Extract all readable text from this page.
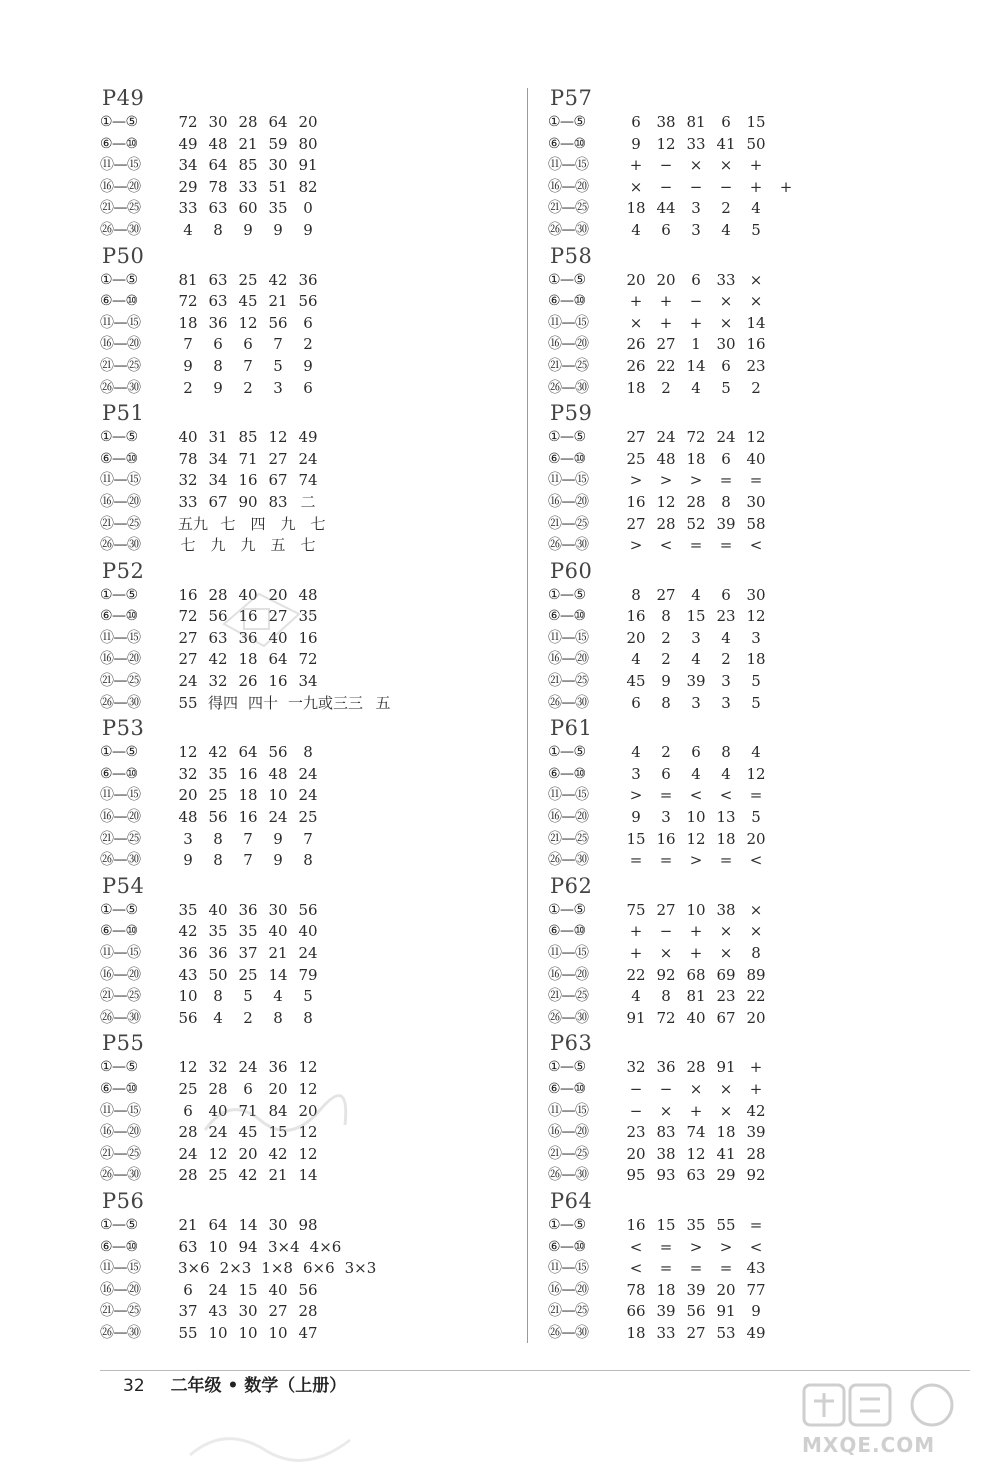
P49
①—⑤	72 30 28 64 20
⑥—⑩	49 48 21 59 80
⑪—⑮	34 64 85 30 91
⑯—⑳	29 78 33 51 82
㉑—㉕	33 63 60 35 0
㉖—㉚	4 8 9 9 9
P50
①—⑤	81 63 25 42 36
⑥—⑩	72 63 45 21 56
⑪—⑮	18 36 12 56 6
⑯—⑳	7 6 6 7 2
㉑—㉕	9 8 7 5 9
㉖—㉚	2 9 2 3 6
P51
①—⑤	40 31 85 12 49
⑥—⑩	78 34 71 27 24
⑪—⑮	32 34 16 67 74
⑯—⑳	33 67 90 83 二
㉑—㉕	五九 七 四 九 七
㉖—㉚	七 九 九 五 七
P52
①—⑤	16 28 40 20 48
⑥—⑩	72 56 16 27 35
⑪—⑮	27 63 36 40 16
⑯—⑳	27 42 18 64 72
㉑—㉕	24 32 26 16 34
㉖—㉚	55 得四 四十 一九或三三 五
P53
①—⑤	12 42 64 56 8
⑥—⑩	32 35 16 48 24
⑪—⑮	20 25 18 10 24
⑯—⑳	48 56 16 24 25
㉑—㉕	3 8 7 9 7
㉖—㉚	9 8 7 9 8
P54
①—⑤	35 40 36 30 56
⑥—⑩	42 35 35 40 40
⑪—⑮	36 36 37 21 24
⑯—⑳	43 50 25 14 79
㉑—㉕	10 8 5 4 5
㉖—㉚	56 4 2 8 8
P55
①—⑤	12 32 24 36 12
⑥—⑩	25 28 6 20 12
⑪—⑮	6 40 71 84 20
⑯—⑳	28 24 45 15 12
㉑—㉕	24 12 20 42 12
㉖—㉚	28 25 42 21 14
P56
①—⑤	21 64 14 30 98
⑥—⑩	63 10 94 3×4 4×6
⑪—⑮	3×6 2×3 1×8 6×6 3×3
⑯—⑳	6 24 15 40 56
㉑—㉕	37 43 30 27 28
㉖—㉚	55 10 10 10 47
P57
①—⑤	6 38 81 6 15
⑥—⑩	9 12 33 41 50
⑪—⑮	+ − × × +
⑯—⑳	× − − − + +
㉑—㉕	18 44 3 2 4
㉖—㉚	4 6 3 4 5
P58
①—⑤	20 20 6 33 ×
⑥—⑩	+ + − × ×
⑪—⑮	× + + × 14
⑯—⑳	26 27 1 30 16
㉑—㉕	26 22 14 6 23
㉖—㉚	18 2 4 5 2
P59
①—⑤	27 24 72 24 12
⑥—⑩	25 48 18 6 40
⑪—⑮	> > > = =
⑯—⑳	16 12 28 8 30
㉑—㉕	27 28 52 39 58
㉖—㉚	> < = = <
P60
①—⑤	8 27 4 6 30
⑥—⑩	16 8 15 23 12
⑪—⑮	20 2 3 4 3
⑯—⑳	4 2 4 2 18
㉑—㉕	45 9 39 3 5
㉖—㉚	6 8 3 3 5
P61
①—⑤	4 2 6 8 4
⑥—⑩	3 6 4 4 12
⑪—⑮	> = < < =
⑯—⑳	9 3 10 13 5
㉑—㉕	15 16 12 18 20
㉖—㉚	= = > = <
P62
①—⑤	75 27 10 38 ×
⑥—⑩	+ − + × ×
⑪—⑮	+ × + × 8
⑯—⑳	22 92 68 69 89
㉑—㉕	4 8 81 23 22
㉖—㉚	91 72 40 67 20
P63
①—⑤	32 36 28 91 +
⑥—⑩	− − × × +
⑪—⑮	− × + × 42
⑯—⑳	23 83 74 18 39
㉑—㉕	20 38 12 41 28
㉖—㉚	95 93 63 29 92
P64
①—⑤	16 15 35 55 =
⑥—⑩	< = > > <
⑪—⑮	< = = = 43
⑯—⑳	78 18 39 20 77
㉑—㉕	66 39 56 91 9
㉖—㉚	18 33 27 53 49
32 二年级 • 数学（上册）
MXQE.COM
